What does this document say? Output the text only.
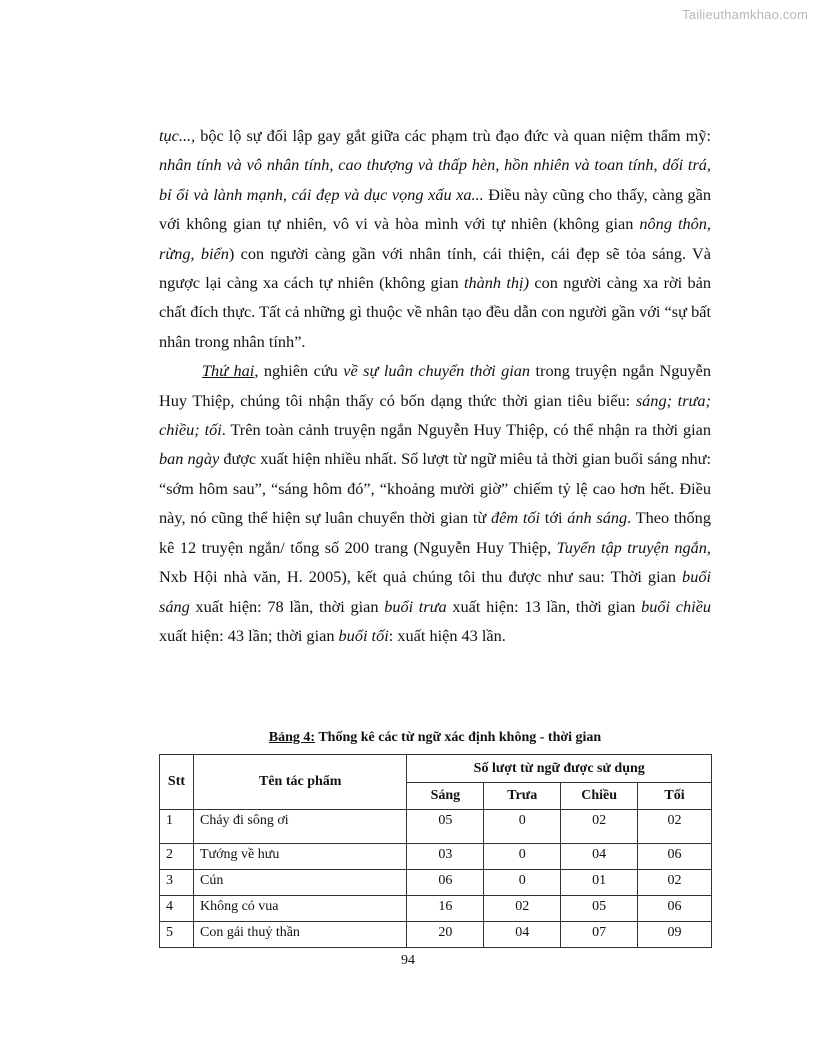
Tailieuthamkhao.com

tục..., bộc lộ sự đối lập gay gắt giữa các phạm trù đạo đức và quan niệm thẩm mỹ: nhân tính và vô nhân tính, cao thượng và thấp hèn, hồn nhiên và toan tính, dối trá, bỉ ổi và lành mạnh, cái đẹp và dục vọng xấu xa... Điều này cũng cho thấy, càng gần với không gian tự nhiên, vô vi và hòa mình với tự nhiên (không gian nông thôn, rừng, biển) con người càng gần với nhân tính, cái thiện, cái đẹp sẽ tỏa sáng. Và ngược lại càng xa cách tự nhiên (không gian thành thị) con người càng xa rời bản chất đích thực. Tất cả những gì thuộc về nhân tạo đều dẫn con người gần với “sự bất nhân trong nhân tính”.

Thứ hai, nghiên cứu về sự luân chuyển thời gian trong truyện ngắn Nguyễn Huy Thiệp, chúng tôi nhận thấy có bốn dạng thức thời gian tiêu biểu: sáng; trưa; chiều; tối. Trên toàn cảnh truyện ngắn Nguyễn Huy Thiệp, có thể nhận ra thời gian ban ngày được xuất hiện nhiều nhất. Số lượt từ ngữ miêu tả thời gian buổi sáng như: “sớm hôm sau”, “sáng hôm đó”, “khoảng mười giờ” chiếm tỷ lệ cao hơn hết. Điều này, nó cũng thể hiện sự luân chuyển thời gian từ đêm tối tới ánh sáng. Theo thống kê 12 truyện ngắn/ tổng số 200 trang (Nguyễn Huy Thiệp, Tuyển tập truyện ngắn, Nxb Hội nhà văn, H. 2005), kết quả chúng tôi thu được như sau: Thời gian buổi sáng xuất hiện: 78 lần, thời gian buổi trưa xuất hiện: 13 lần, thời gian buổi chiều xuất hiện: 43 lần; thời gian buổi tối: xuất hiện 43 lần.

Bảng 4: Thống kê các từ ngữ xác định không - thời gian
Stt	Tên tác phẩm	Số lượt từ ngữ được sử dụng			
		Sáng	Trưa	Chiều	Tối
1	Chảy đi sông ơi	05	0	02	02
2	Tướng về hưu	03	0	04	06
3	Cún	06	0	01	02
4	Không có vua	16	02	05	06
5	Con gái thuỷ thần	20	04	07	09
94
